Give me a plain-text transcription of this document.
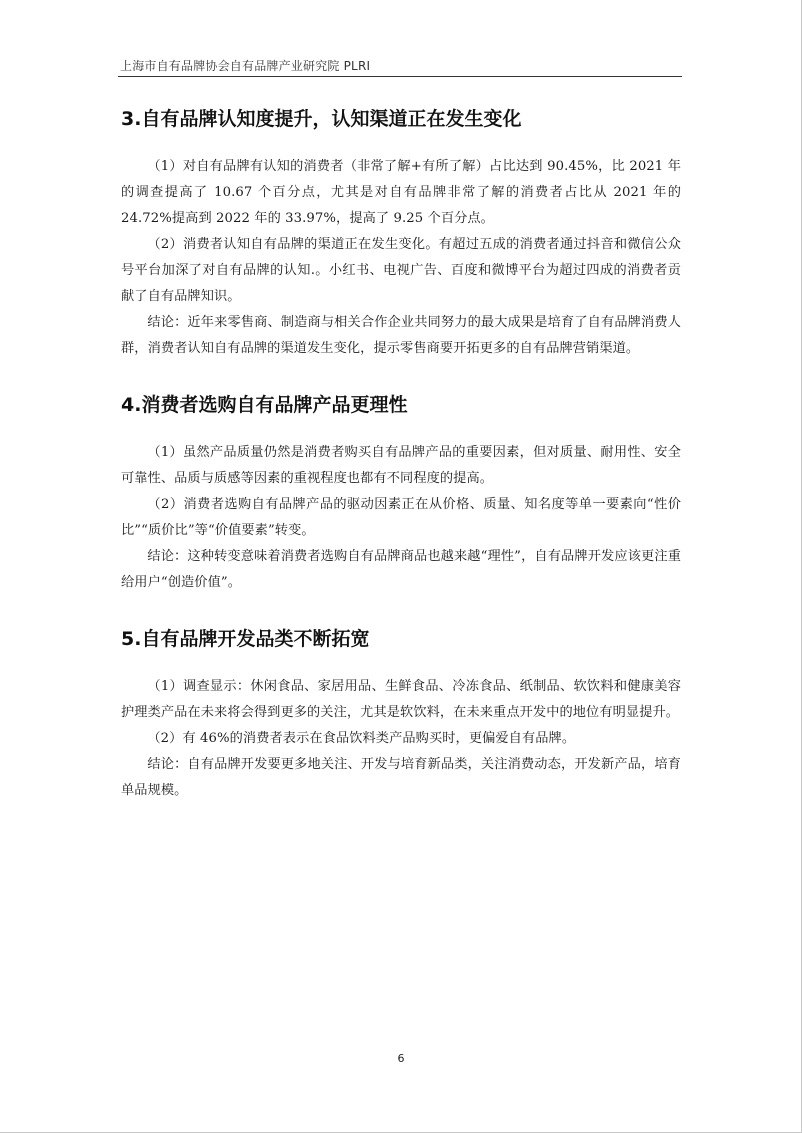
上海市自有品牌协会自有品牌产业研究院 PLRI
3.自有品牌认知度提升，认知渠道正在发生变化

（1）对自有品牌有认知的消费者（非常了解+有所了解）占比达到 90.45%，比 2021 年的调查提高了 10.67 个百分点，尤其是对自有品牌非常了解的消费者占比从 2021 年的 24.72%提高到 2022 年的 33.97%，提高了 9.25 个百分点。

（2）消费者认知自有品牌的渠道正在发生变化。有超过五成的消费者通过抖音和微信公众号平台加深了对自有品牌的认知.。小红书、电视广告、百度和微博平台为超过四成的消费者贡献了自有品牌知识。

结论：近年来零售商、制造商与相关合作企业共同努力的最大成果是培育了自有品牌消费人群，消费者认知自有品牌的渠道发生变化，提示零售商要开拓更多的自有品牌营销渠道。

4.消费者选购自有品牌产品更理性

（1）虽然产品质量仍然是消费者购买自有品牌产品的重要因素，但对质量、耐用性、安全可靠性、品质与质感等因素的重视程度也都有不同程度的提高。

（2）消费者选购自有品牌产品的驱动因素正在从价格、质量、知名度等单一要素向“性价比”“质价比”等“价值要素”转变。

结论：这种转变意味着消费者选购自有品牌商品也越来越“理性”，自有品牌开发应该更注重给用户“创造价值”。

5.自有品牌开发品类不断拓宽

（1）调查显示：休闲食品、家居用品、生鲜食品、冷冻食品、纸制品、软饮料和健康美容护理类产品在未来将会得到更多的关注，尤其是软饮料，在未来重点开发中的地位有明显提升。

（2）有 46%的消费者表示在食品饮料类产品购买时，更偏爱自有品牌。

结论：自有品牌开发要更多地关注、开发与培育新品类，关注消费动态，开发新产品，培育单品规模。

6
